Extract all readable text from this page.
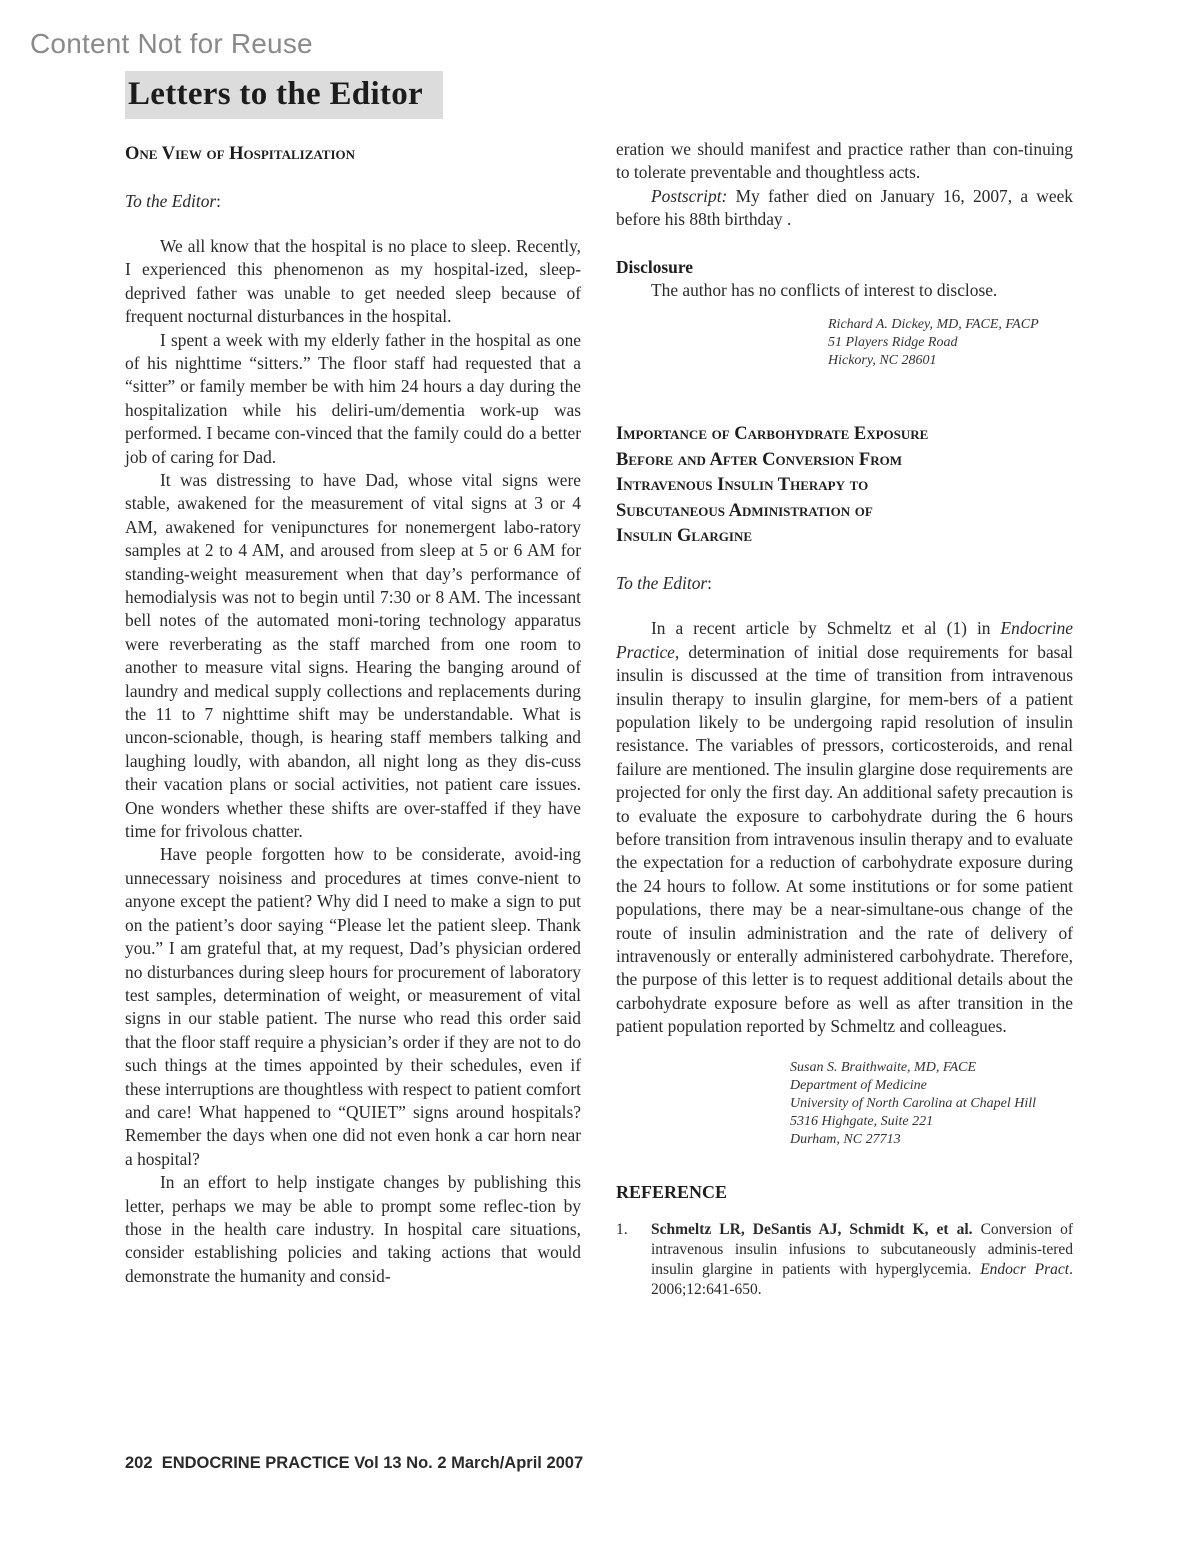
Content Not for Reuse
Letters to the Editor
One View of Hospitalization

To the Editor:

We all know that the hospital is no place to sleep. Recently, I experienced this phenomenon as my hospital-ized, sleep-deprived father was unable to get needed sleep because of frequent nocturnal disturbances in the hospital.

I spent a week with my elderly father in the hospital as one of his nighttime “sitters.” The floor staff had requested that a “sitter” or family member be with him 24 hours a day during the hospitalization while his deliri-um/dementia work-up was performed. I became con-vinced that the family could do a better job of caring for Dad.

It was distressing to have Dad, whose vital signs were stable, awakened for the measurement of vital signs at 3 or 4 AM, awakened for venipunctures for nonemergent labo-ratory samples at 2 to 4 AM, and aroused from sleep at 5 or 6 AM for standing-weight measurement when that day’s performance of hemodialysis was not to begin until 7:30 or 8 AM. The incessant bell notes of the automated moni-toring technology apparatus were reverberating as the staff marched from one room to another to measure vital signs. Hearing the banging around of laundry and medical supply collections and replacements during the 11 to 7 nighttime shift may be understandable. What is uncon-scionable, though, is hearing staff members talking and laughing loudly, with abandon, all night long as they dis-cuss their vacation plans or social activities, not patient care issues. One wonders whether these shifts are over-staffed if they have time for frivolous chatter.

Have people forgotten how to be considerate, avoid-ing unnecessary noisiness and procedures at times conve-nient to anyone except the patient? Why did I need to make a sign to put on the patient’s door saying “Please let the patient sleep. Thank you.” I am grateful that, at my request, Dad’s physician ordered no disturbances during sleep hours for procurement of laboratory test samples, determination of weight, or measurement of vital signs in our stable patient. The nurse who read this order said that the floor staff require a physician’s order if they are not to do such things at the times appointed by their schedules, even if these interruptions are thoughtless with respect to patient comfort and care! What happened to “QUIET” signs around hospitals? Remember the days when one did not even honk a car horn near a hospital?

In an effort to help instigate changes by publishing this letter, perhaps we may be able to prompt some reflec-tion by those in the health care industry. In hospital care situations, consider establishing policies and taking actions that would demonstrate the humanity and consid-

eration we should manifest and practice rather than con-tinuing to tolerate preventable and thoughtless acts.

Postscript: My father died on January 16, 2007, a week before his 88th birthday .

Disclosure

The author has no conflicts of interest to disclose.

Richard A. Dickey, MD, FACE, FACP
51 Players Ridge Road
Hickory, NC 28601
Importance of Carbohydrate Exposure
Before and After Conversion From
Intravenous Insulin Therapy to
Subcutaneous Administration of
Insulin Glargine

To the Editor:

In a recent article by Schmeltz et al (1) in Endocrine Practice, determination of initial dose requirements for basal insulin is discussed at the time of transition from intravenous insulin therapy to insulin glargine, for mem-bers of a patient population likely to be undergoing rapid resolution of insulin resistance. The variables of pressors, corticosteroids, and renal failure are mentioned. The insulin glargine dose requirements are projected for only the first day. An additional safety precaution is to evaluate the exposure to carbohydrate during the 6 hours before transition from intravenous insulin therapy and to evaluate the expectation for a reduction of carbohydrate exposure during the 24 hours to follow. At some institutions or for some patient populations, there may be a near-simultane-ous change of the route of insulin administration and the rate of delivery of intravenously or enterally administered carbohydrate. Therefore, the purpose of this letter is to request additional details about the carbohydrate exposure before as well as after transition in the patient population reported by Schmeltz and colleagues.

Susan S. Braithwaite, MD, FACE
Department of Medicine
University of North Carolina at Chapel Hill
5316 Highgate, Suite 221
Durham, NC 27713

REFERENCE

1.	Schmeltz LR, DeSantis AJ, Schmidt K, et al. Conversion of intravenous insulin infusions to subcutaneously adminis-tered insulin glargine in patients with hyperglycemia. Endocr Pract. 2006;12:641-650.
202  ENDOCRINE PRACTICE Vol 13 No. 2 March/April 2007
